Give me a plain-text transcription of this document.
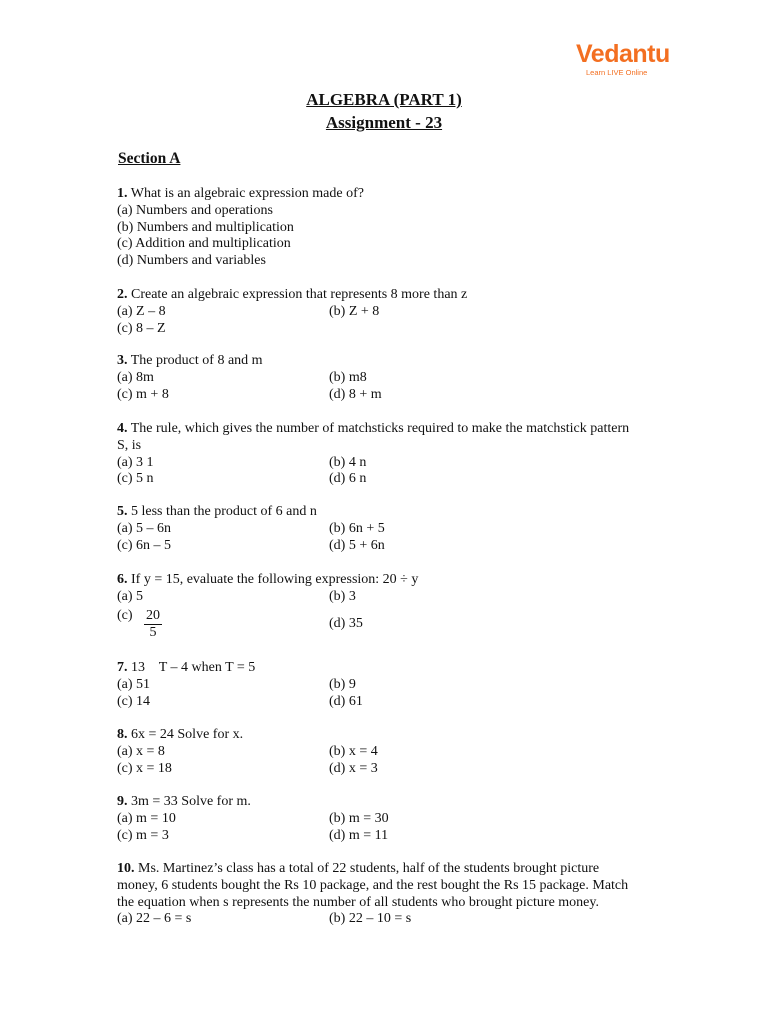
Vedantu
Learn LIVE Online
ALGEBRA (PART 1)
Assignment - 23
Section A
1. What is an algebraic expression made of?
(a) Numbers and operations
(b) Numbers and multiplication
(c) Addition and multiplication
(d) Numbers and variables
2. Create an algebraic expression that represents 8 more than z
(a) Z – 8	(b) Z + 8
(c) 8 – Z
3. The product of 8 and m
(a) 8m	(b) m8
(c) m + 8	(d) 8 + m
4. The rule, which gives the number of matchsticks required to make the matchstick pattern
S, is
(a) 3 1	(b) 4 n
(c) 5 n	(d) 6 n
5. 5 less than the product of 6 and n
(a) 5 – 6n	(b) 6n + 5
(c) 6n – 5	(d) 5 + 6n
6. If y = 15, evaluate the following expression: 20 ÷ y
(a) 5	(b) 3
$(c) \frac{20}{5}$	(d) 35
7. 13    T – 4 when T = 5
(a) 51	(b) 9
(c) 14	(d) 61
8. 6x = 24 Solve for x.
(a) x = 8	(b) x = 4
(c) x = 18	(d) x = 3
9. 3m = 33 Solve for m.
(a) m = 10	(b) m = 30
(c) m = 3	(d) m = 11
10. Ms. Martinez’s class has a total of 22 students, half of the students brought picture
money, 6 students bought the Rs 10 package, and the rest bought the Rs 15 package. Match
the equation when s represents the number of all students who brought picture money.
(a) 22 – 6 = s	(b) 22 – 10 = s
